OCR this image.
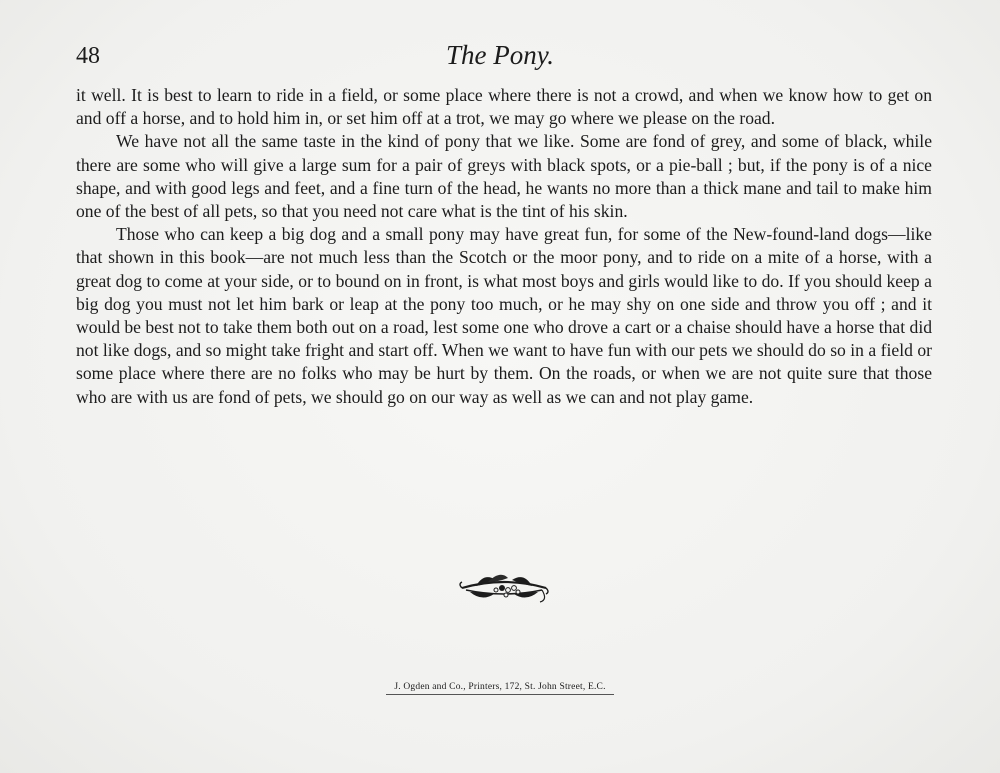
48	The Pony.

it well. It is best to learn to ride in a field, or some place where there is not a crowd, and when we know how to get on and off a horse, and to hold him in, or set him off at a trot, we may go where we please on the road.

We have not all the same taste in the kind of pony that we like. Some are fond of grey, and some of black, while there are some who will give a large sum for a pair of greys with black spots, or a pie-ball ; but, if the pony is of a nice shape, and with good legs and feet, and a fine turn of the head, he wants no more than a thick mane and tail to make him one of the best of all pets, so that you need not care what is the tint of his skin.

Those who can keep a big dog and a small pony may have great fun, for some of the New-found-land dogs—like that shown in this book—are not much less than the Scotch or the moor pony, and to ride on a mite of a horse, with a great dog to come at your side, or to bound on in front, is what most boys and girls would like to do. If you should keep a big dog you must not let him bark or leap at the pony too much, or he may shy on one side and throw you off ; and it would be best not to take them both out on a road, lest some one who drove a cart or a chaise should have a horse that did not like dogs, and so might take fright and start off. When we want to have fun with our pets we should do so in a field or some place where there are no folks who may be hurt by them. On the roads, or when we are not quite sure that those who are with us are fond of pets, we should go on our way as well as we can and not play game.

J. Ogden and Co., Printers, 172, St. John Street, E.C.
